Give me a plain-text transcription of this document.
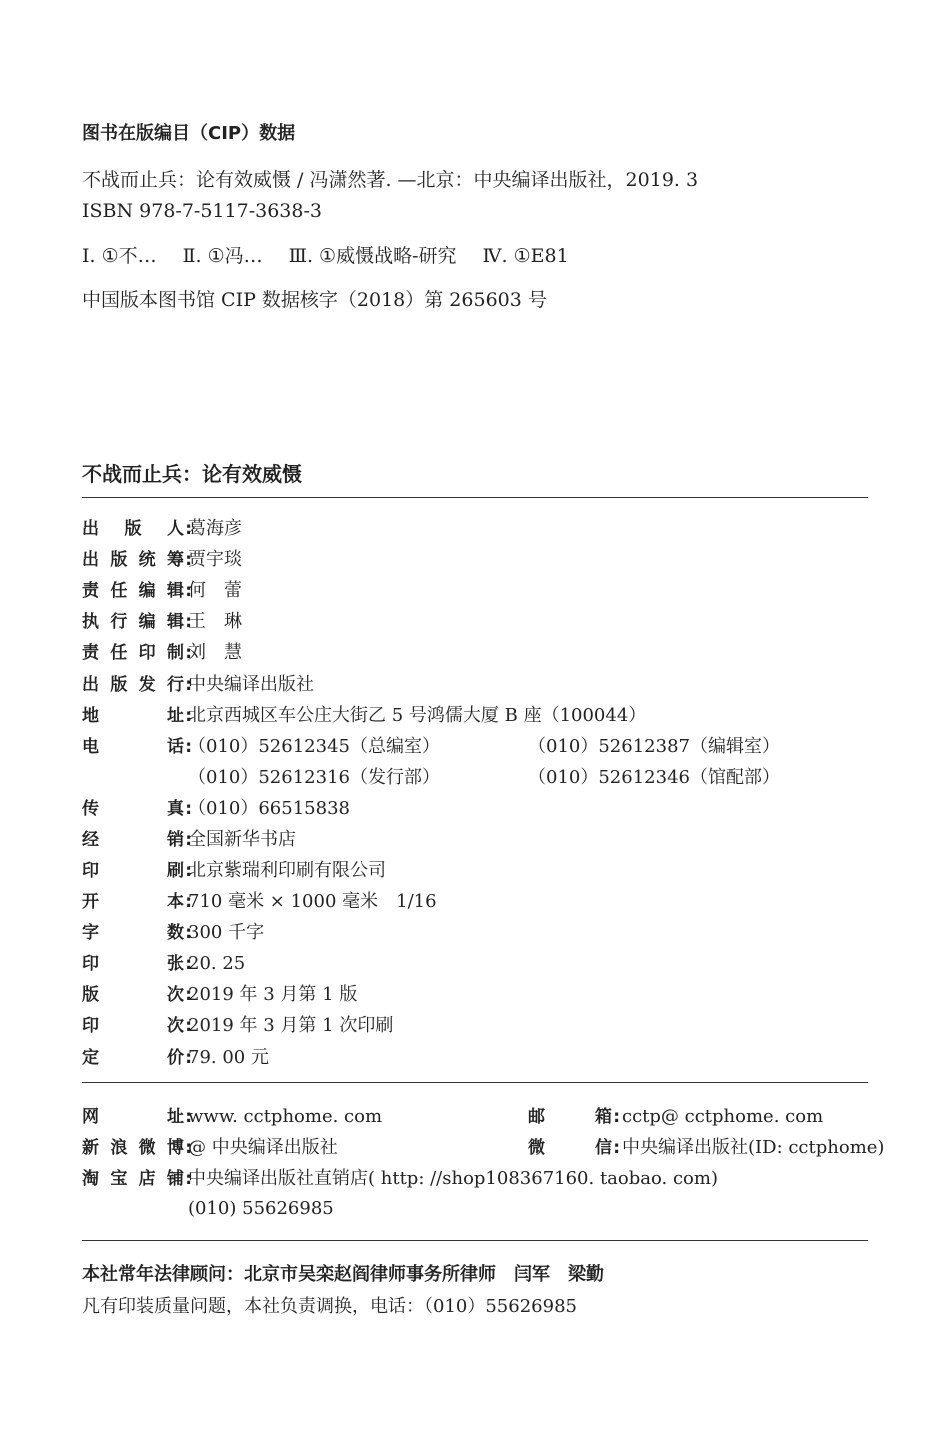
图书在版编目（CIP）数据
不战而止兵：论有效威慑 / 冯潇然著. —北京：中央编译出版社，2019. 3
ISBN 978-7-5117-3638-3
Ⅰ. ①不… Ⅱ. ①冯… Ⅲ. ①威慑战略-研究 Ⅳ. ①E81
中国版本图书馆 CIP 数据核字（2018）第 265603 号
不战而止兵：论有效威慑
出版人 : 葛海彦
出版统筹 : 贾宇琰
责任编辑 : 何　蕾
执行编辑 : 王　琳
责任印制 : 刘　慧
出版发行 : 中央编译出版社
地址 : 北京西城区车公庄大街乙 5 号鸿儒大厦 B 座（100044）
电话 : （010）52612345（总编室）	（010）52612387（编辑室）
（010）52612316（发行部）	（010）52612346（馆配部）
传真 : （010）66515838
经销 : 全国新华书店
印刷 : 北京紫瑞利印刷有限公司
开本 : 710 毫米 × 1000 毫米　1/16
字数 : 300 千字
印张 : 20. 25
版次 : 2019 年 3 月第 1 版
印次 : 2019 年 3 月第 1 次印刷
定价 : 79. 00 元
网址 : www. cctphome. com	邮箱 : cctp@ cctphome. com
新浪微博 : @ 中央编译出版社	微信 : 中央编译出版社(ID: cctphome)
淘宝店铺 : 中央编译出版社直销店( http: //shop108367160. taobao. com)
(010) 55626985
本社常年法律顾问：北京市吴栾赵阎律师事务所律师 闫军 梁勤
凡有印装质量问题，本社负责调换，电话：（010）55626985
